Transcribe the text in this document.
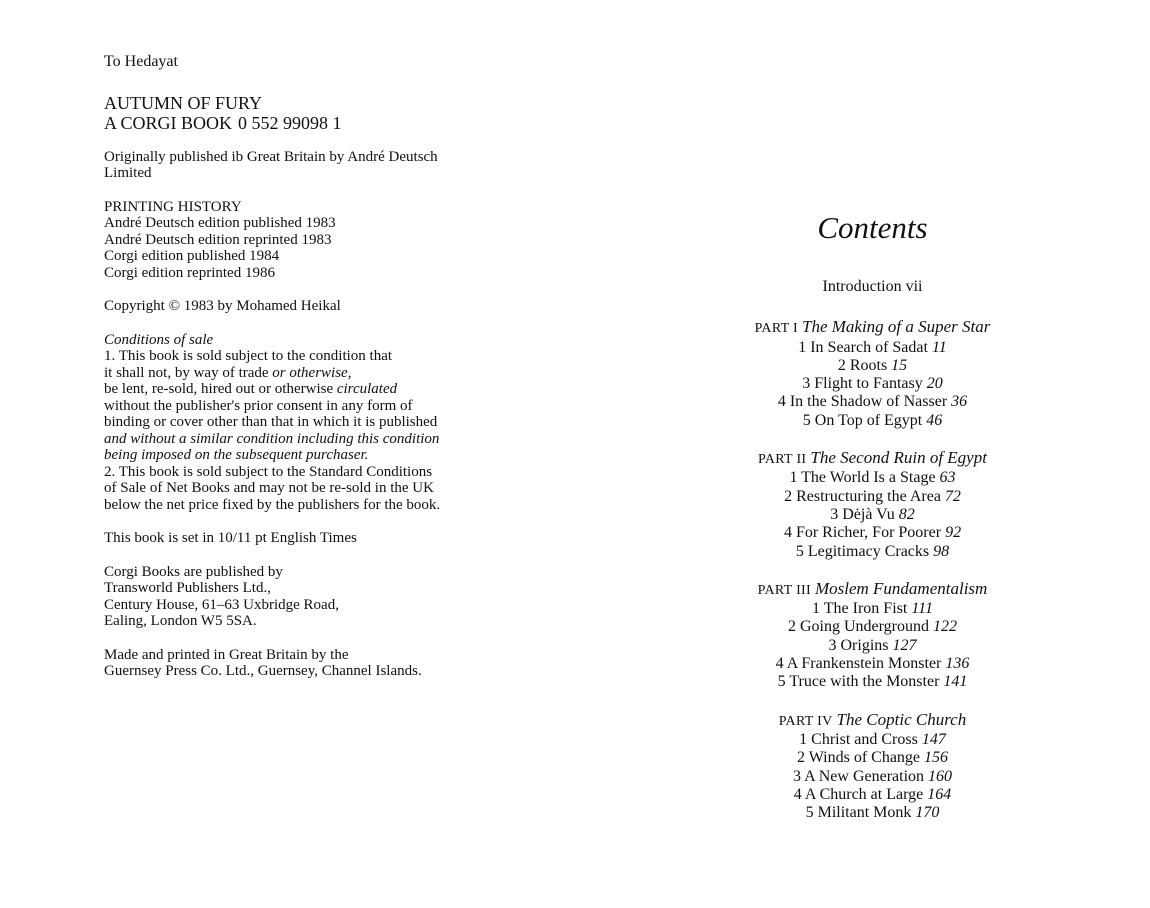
To Hedayat
AUTUMN OF FURY
A CORGI BOOK 0 552 99098 1
Originally published ib Great Britain by André Deutsch
Limited
PRINTING HISTORY
André Deutsch edition published 1983
André Deutsch edition reprinted 1983
Corgi edition published 1984
Corgi edition reprinted 1986
Copyright © 1983 by Mohamed Heikal
Conditions of sale
1. This book is sold subject to the condition that
it shall not, by way of trade or otherwise,
be lent, re-sold, hired out or otherwise circulated
without the publisher's prior consent in any form of
binding or cover other than that in which it is published
and without a similar condition including this condition
being imposed on the subsequent purchaser.
2. This book is sold subject to the Standard Conditions
of Sale of Net Books and may not be re-sold in the UK
below the net price fixed by the publishers for the book.
This book is set in 10/11 pt English Times
Corgi Books are published by
Transworld Publishers Ltd.,
Century House, 61–63 Uxbridge Road,
Ealing, London W5 5SA.
Made and printed in Great Britain by the
Guernsey Press Co. Ltd., Guernsey, Channel Islands.
Contents
Introduction vii
PART I The Making of a Super Star
1 In Search of Sadat 11
2 Roots 15
3 Flight to Fantasy 20
4 In the Shadow of Nasser 36
5 On Top of Egypt 46
PART II The Second Ruin of Egypt
1 The World Is a Stage 63
2 Restructuring the Area 72
3 Dėjà Vu 82
4 For Richer, For Poorer 92
5 Legitimacy Cracks 98
PART III Moslem Fundamentalism
1 The Iron Fist 111
2 Going Underground 122
3 Origins 127
4 A Frankenstein Monster 136
5 Truce with the Monster 141
PART IV The Coptic Church
1 Christ and Cross 147
2 Winds of Change 156
3 A New Generation 160
4 A Church at Large 164
5 Militant Monk 170
